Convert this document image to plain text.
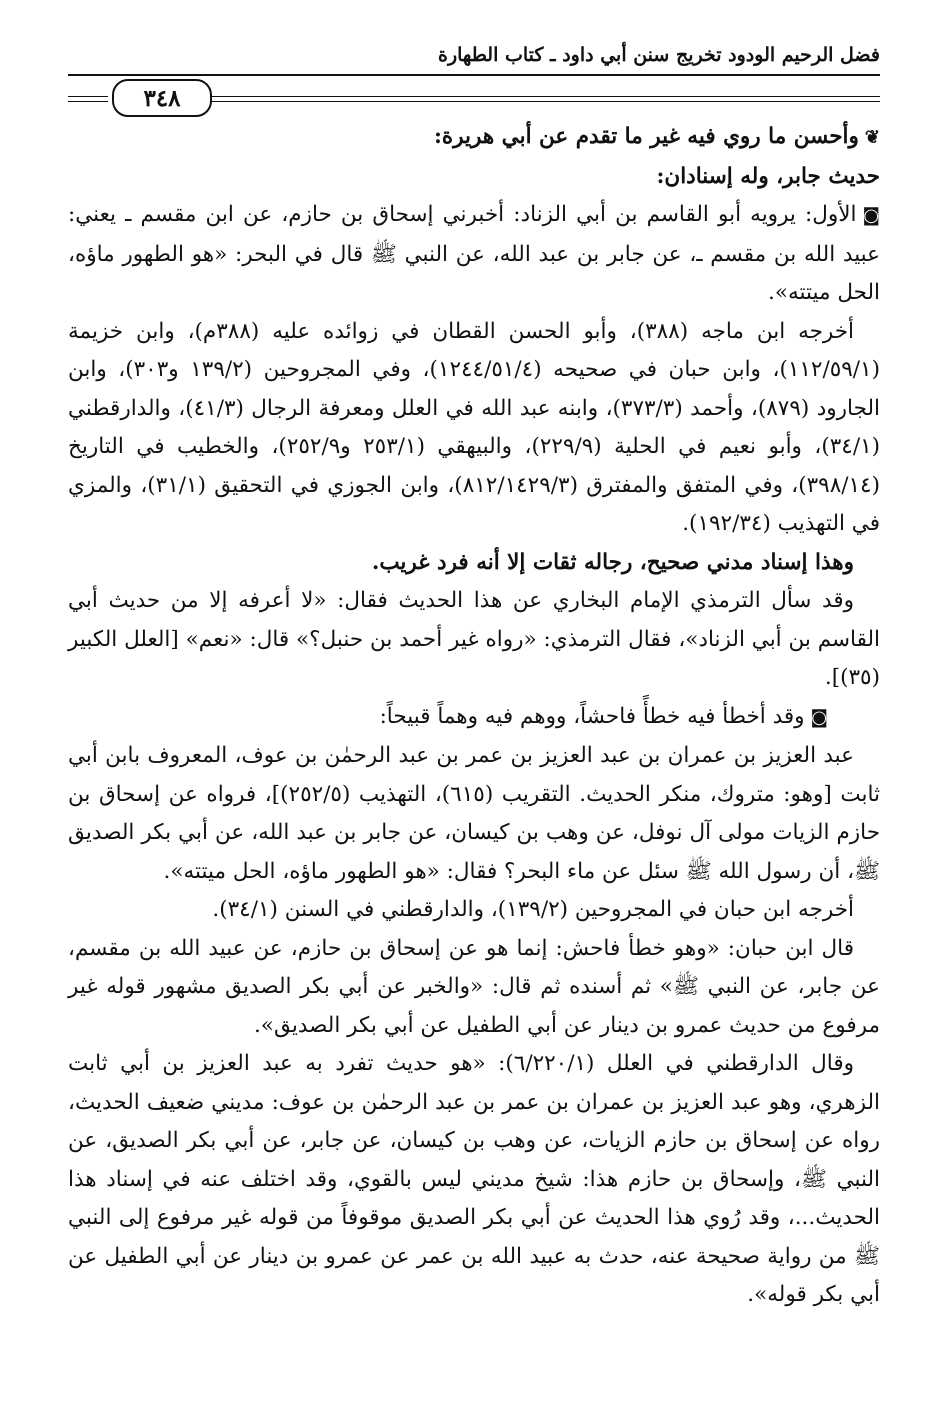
فضل الرحيم الودود تخريج سنن أبي داود ـ كتاب الطهارة
٣٤٨

❦وأحسن ما روي فيه غير ما تقدم عن أبي هريرة:

حديث جابر، وله إسنادان:

◙الأول: يرويه أبو القاسم بن أبي الزناد: أخبرني إسحاق بن حازم، عن ابن مقسم ـ يعني: عبيد الله بن مقسم ـ، عن جابر بن عبد الله، عن النبي ﷺ قال في البحر: «هو الطهور ماؤه، الحل ميتته».

أخرجه ابن ماجه (٣٨٨)، وأبو الحسن القطان في زوائده عليه (٣٨٨م)، وابن خزيمة (١١٢/٥٩/١)، وابن حبان في صحيحه (١٢٤٤/٥١/٤)، وفي المجروحين (١٣٩/٢ و٣٠٣)، وابن الجارود (٨٧٩)، وأحمد (٣٧٣/٣)، وابنه عبد الله في العلل ومعرفة الرجال (٤١/٣)، والدارقطني (٣٤/١)، وأبو نعيم في الحلية (٢٢٩/٩)، والبيهقي (٢٥٣/١ و٢٥٢/٩)، والخطيب في التاريخ (٣٩٨/١٤)، وفي المتفق والمفترق (٨١٢/١٤٢٩/٣)، وابن الجوزي في التحقيق (٣١/١)، والمزي في التهذيب (١٩٢/٣٤).

وهذا إسناد مدني صحيح، رجاله ثقات إلا أنه فرد غريب.

وقد سأل الترمذي الإمام البخاري عن هذا الحديث فقال: «لا أعرفه إلا من حديث أبي القاسم بن أبي الزناد»، فقال الترمذي: «رواه غير أحمد بن حنبل؟» قال: «نعم» [العلل الكبير (٣٥)].

◙وقد أخطأ فيه خطأً فاحشاً، ووهم فيه وهماً قبيحاً:

عبد العزيز بن عمران بن عبد العزيز بن عمر بن عبد الرحمٰن بن عوف، المعروف بابن أبي ثابت [وهو: متروك، منكر الحديث. التقريب (٦١٥)، التهذيب (٢٥٢/٥)]، فرواه عن إسحاق بن حازم الزيات مولى آل نوفل، عن وهب بن كيسان، عن جابر بن عبد الله، عن أبي بكر الصديق ﷺ، أن رسول الله ﷺ سئل عن ماء البحر؟ فقال: «هو الطهور ماؤه، الحل ميتته».

أخرجه ابن حبان في المجروحين (١٣٩/٢)، والدارقطني في السنن (٣٤/١).

قال ابن حبان: «وهو خطأ فاحش: إنما هو عن إسحاق بن حازم، عن عبيد الله بن مقسم، عن جابر، عن النبي ﷺ» ثم أسنده ثم قال: «والخبر عن أبي بكر الصديق مشهور قوله غير مرفوع من حديث عمرو بن دينار عن أبي الطفيل عن أبي بكر الصديق».

وقال الدارقطني في العلل (٦/٢٢٠/١): «هو حديث تفرد به عبد العزيز بن أبي ثابت الزهري، وهو عبد العزيز بن عمران بن عمر بن عبد الرحمٰن بن عوف: مديني ضعيف الحديث، رواه عن إسحاق بن حازم الزيات، عن وهب بن كيسان، عن جابر، عن أبي بكر الصديق، عن النبي ﷺ، وإسحاق بن حازم هذا: شيخ مديني ليس بالقوي، وقد اختلف عنه في إسناد هذا الحديث...، وقد رُوي هذا الحديث عن أبي بكر الصديق موقوفاً من قوله غير مرفوع إلى النبي ﷺ من رواية صحيحة عنه، حدث به عبيد الله بن عمر عن عمرو بن دينار عن أبي الطفيل عن أبي بكر قوله».
